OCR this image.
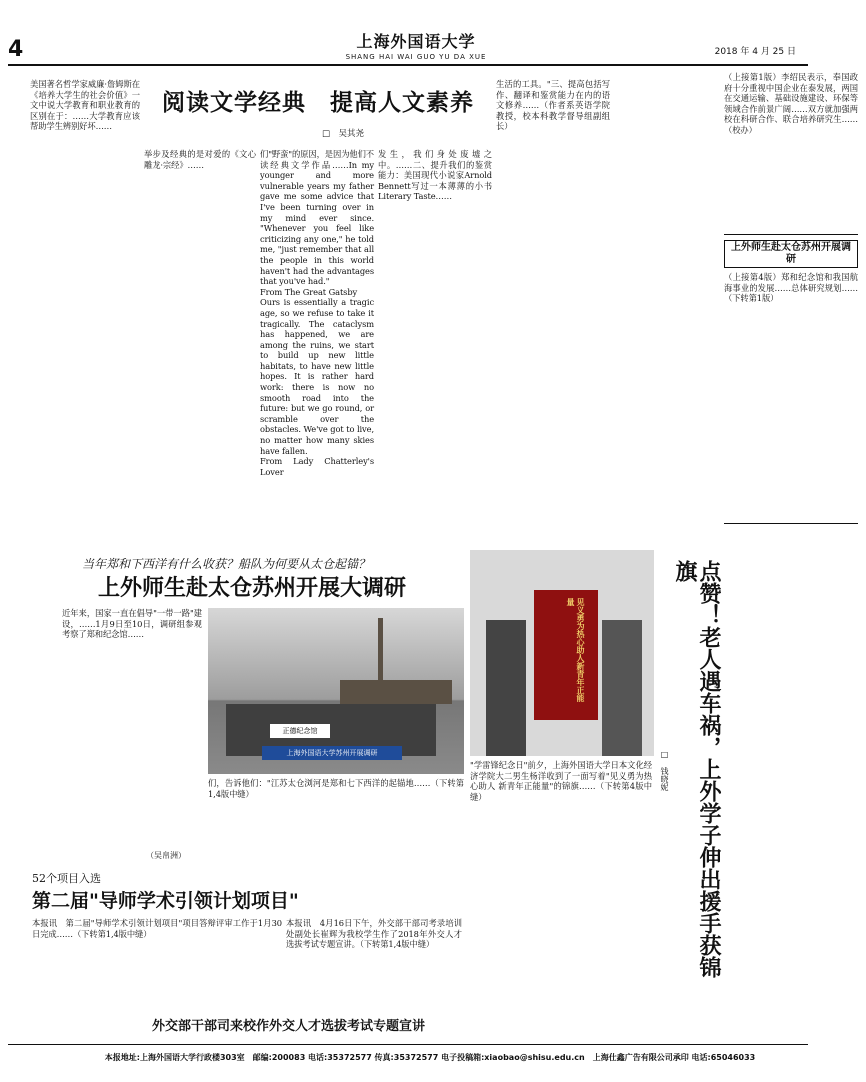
4	上海外国语大学
SHANG HAI WAI GUO YU DA XUE	2018 年 4 月 25 日
阅读文学经典　提高人文素养
□　吴其尧
美国著名哲学家威廉·詹姆斯在《培养大学生的社会价值》一文中说大学教育和职业教育的区别在于：……大学教育应该帮助学生辨别好坏……
举步及经典的是对爱的《文心雕龙·宗经》……
们"野蛮"的原因，是因为他们不读经典文学作品……In my younger and more vulnerable years my father gave me some advice that I've been turning over in my mind ever since. "Whenever you feel like criticizing any one," he told me, "just remember that all the people in this world haven't had the advantages that you've had."
From The Great Gatsby
Ours is essentially a tragic age, so we refuse to take it tragically. The cataclysm has happened, we are among the ruins, we start to build up new little habitats, to have new little hopes. It is rather hard work: there is now no smooth road into the future: but we go round, or scramble over the obstacles. We've got to live, no matter how many skies have fallen.
From Lady Chatterley's Lover
发生，我们身处废墟之中。……二、提升我们的鉴赏能力：美国现代小说家Arnold Bennett写过一本薄薄的小书Literary Taste……
生活的工具。"三、提高包括写作、翻译和鉴赏能力在内的语文修养……（作者系英语学院教授，校本科教学督导组副组长）
（上接第1版）李绍民表示，奉国政府十分重视中国企业在泰发展，两国在交通运输、基础设施建设、环保等领域合作前景广阔……双方就加强两校在科研合作、联合培养研究生……（校办）
上外师生赴太仓苏州开展调研
（上接第4版）郑和纪念馆和我国航海事业的发展……总体研究规划……（下转第1版）
当年郑和下西洋有什么收获？船队为何要从太仓起锚？
上外师生赴太仓苏州开展大调研
近年来，国家一直在倡导"一带一路"建设，……1月9日至10日，调研组参观考察了郑和纪念馆……
（吴帛洲）
上海外国语大学苏州开展调研
正德纪念馆
们，告诉他们："江苏太仓浏河是郑和七下西洋的起锚地……（下转第1,4版中缝）	点赞！老人遇车祸，上外学子伸出援手获锦旗
□　钱晓妮
见义勇为热心助人新青年正能量
"学雷锋纪念日"前夕，上海外国语大学日本文化经济学院大二男生杨洋收到了一面写着"见义勇为热心助人 新青年正能量"的锦旗……（下转第4版中缝）
52个项目入选
第二届"导师学术引领计划项目"
本报讯　第二届"导师学术引领计划项目"项目答辩评审工作于1月30日完成……（下转第1,4版中缝）
本报讯　4月16日下午，外交部干部司考录培训处副处长崔辉为我校学生作了2018年外交人才选拔考试专题宣讲。（下转第1,4版中缝）
外交部干部司来校作外交人才选拔考试专题宣讲
本报地址:上海外国语大学行政楼303室　邮编:200083 电话:35372577 传真:35372577 电子投稿箱:xiaobao@shisu.edu.cn　上海仕鑫广告有限公司承印 电话:65046033
